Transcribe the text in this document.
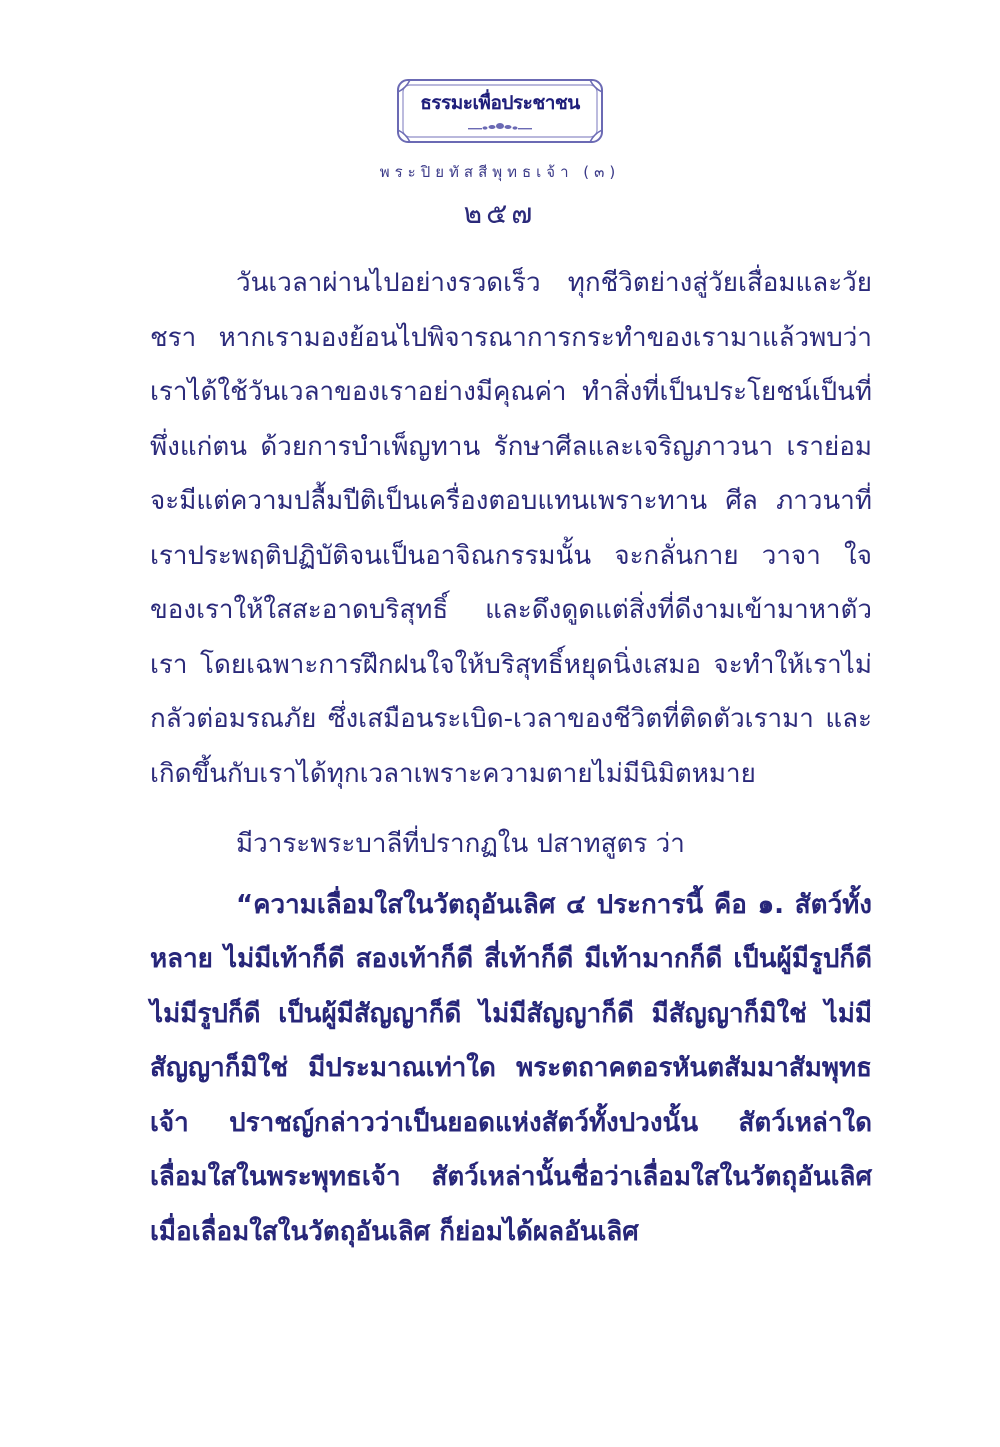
ธรรมะเพื่อประชาชน
พระปิยทัสสีพุทธเจ้า (๓)
๒๕๗

วันเวลาผ่านไปอย่างรวดเร็ว ทุกชีวิตย่างสู่วัยเสื่อมและวัยชรา หากเรามองย้อนไปพิจารณาการกระทำของเรามาแล้วพบว่า เราได้ใช้วันเวลาของเราอย่างมีคุณค่า ทำสิ่งที่เป็นประโยชน์เป็นที่พึ่งแก่ตน ด้วยการบำเพ็ญทาน รักษาศีลและเจริญภาวนา เราย่อมจะมีแต่ความปลื้มปีติเป็นเครื่องตอบแทนเพราะทาน ศีล ภาวนาที่เราประพฤติปฏิบัติจนเป็นอาจิณกรรมนั้น จะกลั่นกาย วาจา ใจของเราให้ใสสะอาดบริสุทธิ์ และดึงดูดแต่สิ่งที่ดีงามเข้ามาหาตัวเรา โดยเฉพาะการฝึกฝนใจให้บริสุทธิ์หยุดนิ่งเสมอ จะทำให้เราไม่กลัวต่อมรณภัย ซึ่งเสมือนระเบิด-เวลาของชีวิตที่ติดตัวเรามา และเกิดขึ้นกับเราได้ทุกเวลาเพราะความตายไม่มีนิมิตหมาย

มีวาระพระบาลีที่ปรากฏใน ปสาทสูตร ว่า

“ความเลื่อมใสในวัตถุอันเลิศ ๔ ประการนี้ คือ ๑. สัตว์ทั้งหลาย ไม่มีเท้าก็ดี สองเท้าก็ดี สี่เท้าก็ดี มีเท้ามากก็ดี เป็นผู้มีรูปก็ดี ไม่มีรูปก็ดี เป็นผู้มีสัญญาก็ดี ไม่มีสัญญาก็ดี มีสัญญาก็มิใช่ ไม่มีสัญญาก็มิใช่ มีประมาณเท่าใด พระตถาคตอรหันตสัมมาสัมพุทธเจ้า ปราชญ์กล่าวว่าเป็นยอดแห่งสัตว์ทั้งปวงนั้น สัตว์เหล่าใดเลื่อมใสในพระพุทธเจ้า สัตว์เหล่านั้นชื่อว่าเลื่อมใสในวัตถุอันเลิศ เมื่อเลื่อมใสในวัตถุอันเลิศ ก็ย่อมได้ผลอันเลิศ
